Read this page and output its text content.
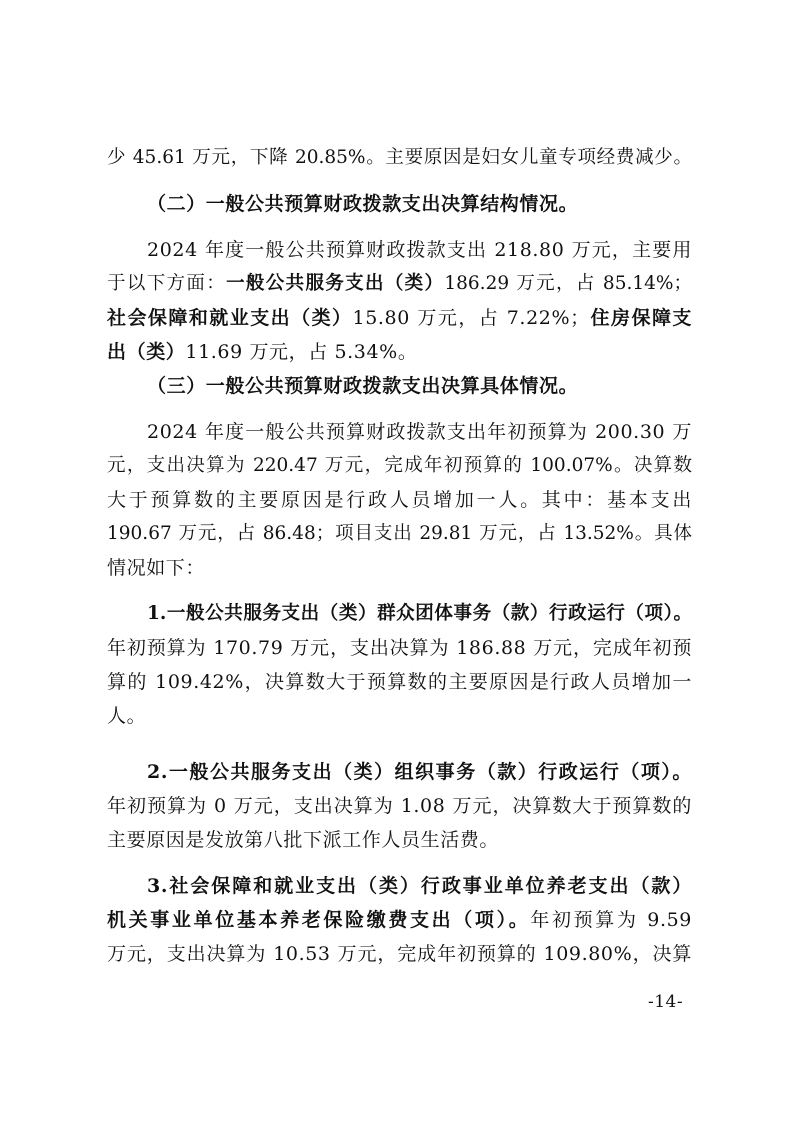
少 45.61 万元，下降 20.85%。主要原因是妇女儿童专项经费减少。
（二）一般公共预算财政拨款支出决算结构情况。
2024 年度一般公共预算财政拨款支出 218.80 万元，主要用
于以下方面：一般公共服务支出（类）186.29 万元，占 85.14%；
社会保障和就业支出（类）15.80 万元，占 7.22%；住房保障支
出（类）11.69 万元，占 5.34%。
（三）一般公共预算财政拨款支出决算具体情况。
2024 年度一般公共预算财政拨款支出年初预算为 200.30 万
元，支出决算为 220.47 万元，完成年初预算的 100.07%。决算数
大于预算数的主要原因是行政人员增加一人。其中：基本支出
190.67 万元，占 86.48；项目支出 29.81 万元，占 13.52%。具体
情况如下：
1.一般公共服务支出（类）群众团体事务（款）行政运行（项）。
年初预算为 170.79 万元，支出决算为 186.88 万元，完成年初预
算的 109.42%，决算数大于预算数的主要原因是行政人员增加一
人。
2.一般公共服务支出（类）组织事务（款）行政运行（项）。
年初预算为 0 万元，支出决算为 1.08 万元，决算数大于预算数的
主要原因是发放第八批下派工作人员生活费。
3.社会保障和就业支出（类）行政事业单位养老支出（款）
机关事业单位基本养老保险缴费支出（项）。年初预算为 9.59
万元，支出决算为 10.53 万元，完成年初预算的 109.80%，决算
-14-
